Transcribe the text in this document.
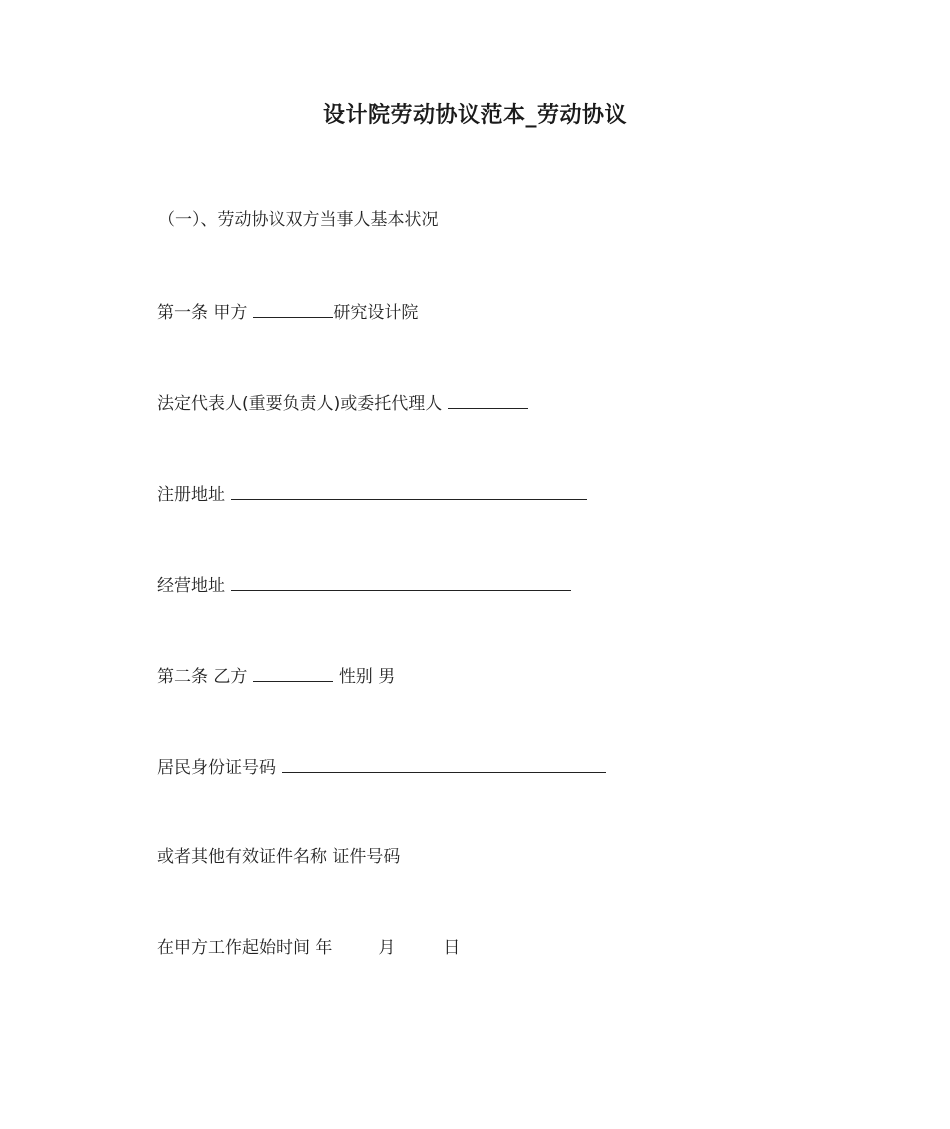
设计院劳动协议范本_劳动协议
（一）、劳动协议双方当事人基本状况
第一条 甲方	研究设计院
法定代表人(重要负责人)或委托代理人
注册地址
经营地址
第二条 乙方	性别 男
居民身份证号码
或者其他有效证件名称 证件号码
在甲方工作起始时间 年	月	日
